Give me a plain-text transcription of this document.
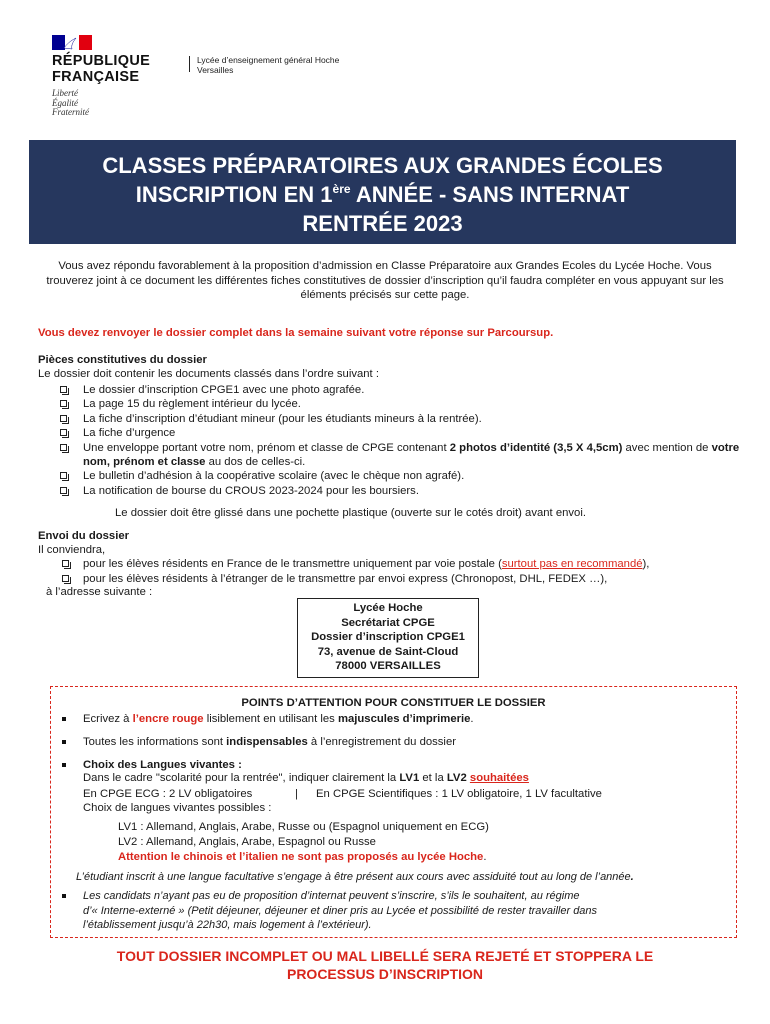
RÉPUBLIQUE
FRANÇAISE
Liberté
Égalité
Fraternité
Lycée d’enseignement général Hoche
Versailles
CLASSES PRÉPARATOIRES AUX GRANDES ÉCOLES
INSCRIPTION EN 1ère ANNÉE - SANS INTERNAT
RENTRÉE 2023
Vous avez répondu favorablement à la proposition d’admission en Classe Préparatoire aux Grandes Ecoles du Lycée Hoche. Vous trouverez joint à ce document les différentes fiches constitutives de dossier d’inscription qu’il faudra compléter en vous appuyant sur les éléments précisés sur cette page.
Vous devez renvoyer le dossier complet dans la semaine suivant votre réponse sur Parcoursup.
Pièces constitutives du dossier
Le dossier doit contenir les documents classés dans l’ordre suivant :
Le dossier d’inscription CPGE1 avec une photo agrafée.
La page 15 du règlement intérieur du lycée.
La fiche d’inscription d’étudiant mineur (pour les étudiants mineurs à la rentrée).
La fiche d’urgence
Une enveloppe portant votre nom, prénom et classe de CPGE contenant 2 photos d’identité (3,5 X 4,5cm) avec mention de votre nom, prénom et classe au dos de celles-ci.
Le bulletin d’adhésion à la coopérative scolaire (avec le chèque non agrafé).
La notification de bourse du CROUS 2023-2024 pour les boursiers.
Le dossier doit être glissé dans une pochette plastique (ouverte sur le cotés droit) avant envoi.
Envoi du dossier
Il conviendra,
pour les élèves résidents en France de le transmettre uniquement par voie postale (surtout pas en recommandé),
pour les élèves résidents à l’étranger de le transmettre par envoi express (Chronopost, DHL, FEDEX …),
à l’adresse suivante :
Lycée Hoche
Secrétariat CPGE
Dossier d’inscription CPGE1
73, avenue de Saint-Cloud
78000 VERSAILLES
POINTS D’ATTENTION POUR CONSTITUER LE DOSSIER
Ecrivez à l’encre rouge lisiblement en utilisant les majuscules d’imprimerie.
Toutes les informations sont indispensables à l’enregistrement du dossier
Choix des Langues vivantes :
Dans le cadre "scolarité pour la rentrée", indiquer clairement la LV1 et la LV2 souhaitées
En CPGE ECG : 2 LV obligatoires	| En CPGE Scientifiques : 1 LV obligatoire, 1 LV facultative
Choix de langues vivantes possibles :
LV1 : Allemand, Anglais, Arabe, Russe ou (Espagnol uniquement en ECG)
LV2 : Allemand, Anglais, Arabe, Espagnol ou Russe
Attention le chinois et l’italien ne sont pas proposés au lycée Hoche.
L’étudiant inscrit à une langue facultative s’engage à être présent aux cours avec assiduité tout au long de l’année.
Les candidats n’ayant pas eu de proposition d’internat peuvent s’inscrire, s’ils le souhaitent, au régime
d’« Interne-externé » (Petit déjeuner, déjeuner et diner pris au Lycée et possibilité de rester travailler dans
l’établissement jusqu’à 22h30, mais logement à l’extérieur).
TOUT DOSSIER INCOMPLET OU MAL LIBELLÉ SERA REJETÉ ET STOPPERA LE
PROCESSUS D’INSCRIPTION
